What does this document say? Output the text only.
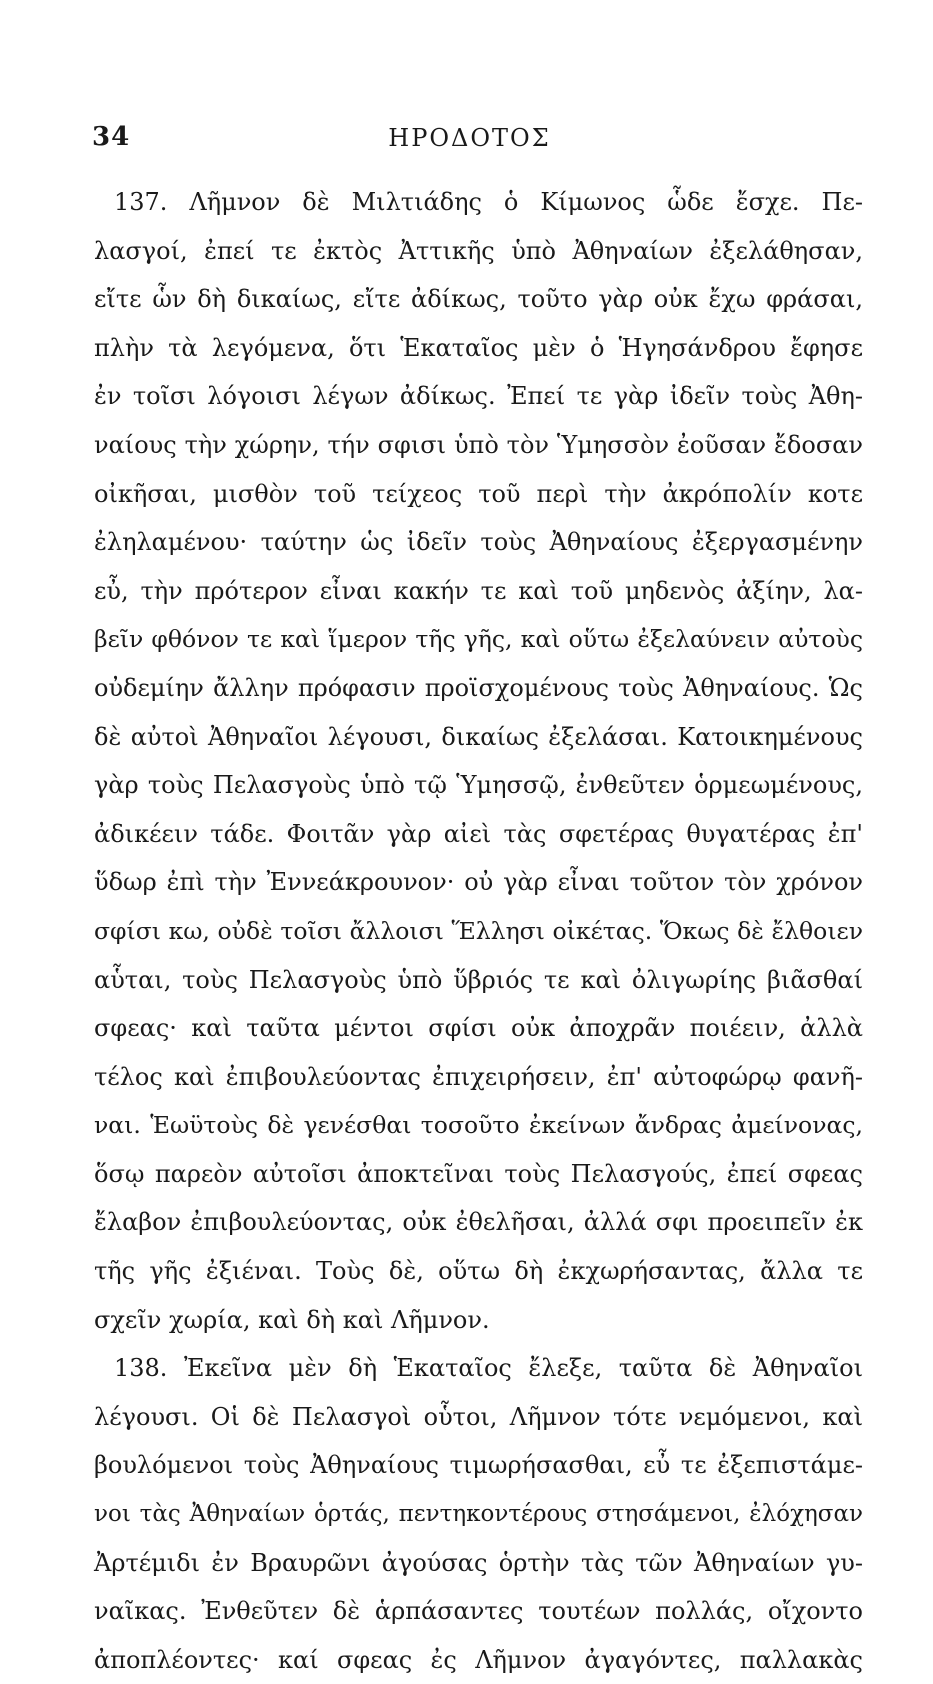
34	ΗΡΟΔΟΤΟΣ
137. Λῆμνον δὲ Μιλτιάδης ὁ Κίμωνος ὧδε ἔσχε. Πε-
λασγοί, ἐπεί τε ἐκτὸς Ἀττικῆς ὑπὸ Ἀθηναίων ἐξελάθησαν,
εἴτε ὧν δὴ δικαίως, εἴτε ἀδίκως, τοῦτο γὰρ οὐκ ἔχω φράσαι,
πλὴν τὰ λεγόμενα, ὅτι Ἑκαταῖος μὲν ὁ Ἡγησάνδρου ἔφησε
ἐν τοῖσι λόγοισι λέγων ἀδίκως. Ἐπεί τε γὰρ ἰδεῖν τοὺς Ἀθη-
ναίους τὴν χώρην, τήν σφισι ὑπὸ τὸν Ὑμησσὸν ἐοῦσαν ἔδοσαν
οἰκῆσαι, μισθὸν τοῦ τείχεος τοῦ περὶ τὴν ἀκρόπολίν κοτε
ἐληλαμένου· ταύτην ὡς ἰδεῖν τοὺς Ἀθηναίους ἐξεργασμένην
εὖ, τὴν πρότερον εἶναι κακήν τε καὶ τοῦ μηδενὸς ἀξίην, λα-
βεῖν φθόνον τε καὶ ἵμερον τῆς γῆς, καὶ οὕτω ἐξελαύνειν αὐτοὺς
οὐδεμίην ἄλλην πρόφασιν προϊσχομένους τοὺς Ἀθηναίους. Ὡς
δὲ αὐτοὶ Ἀθηναῖοι λέγουσι, δικαίως ἐξελάσαι. Κατοικημένους
γὰρ τοὺς Πελασγοὺς ὑπὸ τῷ Ὑμησσῷ, ἐνθεῦτεν ὁρμεωμένους,
ἀδικέειν τάδε. Φοιτᾶν γὰρ αἰεὶ τὰς σφετέρας θυγατέρας ἐπ'
ὕδωρ ἐπὶ τὴν Ἐννεάκρουνον· οὐ γὰρ εἶναι τοῦτον τὸν χρόνον
σφίσι κω, οὐδὲ τοῖσι ἄλλοισι Ἕλλησι οἰκέτας. Ὅκως δὲ ἔλθοιεν
αὗται, τοὺς Πελασγοὺς ὑπὸ ὕβριός τε καὶ ὀλιγωρίης βιᾶσθαί
σφεας· καὶ ταῦτα μέντοι σφίσι οὐκ ἀποχρᾶν ποιέειν, ἀλλὰ
τέλος καὶ ἐπιβουλεύοντας ἐπιχειρήσειν, ἐπ' αὐτοφώρῳ φανῆ-
ναι. Ἑωϋτοὺς δὲ γενέσθαι τοσοῦτο ἐκείνων ἄνδρας ἀμείνονας,
ὅσῳ παρεὸν αὐτοῖσι ἀποκτεῖναι τοὺς Πελασγούς, ἐπεί σφεας
ἔλαβον ἐπιβουλεύοντας, οὐκ ἐθελῆσαι, ἀλλά σφι προειπεῖν ἐκ
τῆς γῆς ἐξιέναι. Τοὺς δὲ, οὕτω δὴ ἐκχωρήσαντας, ἄλλα τε
σχεῖν χωρία, καὶ δὴ καὶ Λῆμνον.
138. Ἐκεῖνα μὲν δὴ Ἑκαταῖος ἔλεξε, ταῦτα δὲ Ἀθηναῖοι
λέγουσι. Οἱ δὲ Πελασγοὶ οὗτοι, Λῆμνον τότε νεμόμενοι, καὶ
βουλόμενοι τοὺς Ἀθηναίους τιμωρήσασθαι, εὖ τε ἐξεπιστάμε-
νοι τὰς Ἀθηναίων ὁρτάς, πεντηκοντέρους στησάμενοι, ἐλόχησαν
Ἀρτέμιδι ἐν Βραυρῶνι ἀγούσας ὁρτὴν τὰς τῶν Ἀθηναίων γυ-
ναῖκας. Ἐνθεῦτεν δὲ ἁρπάσαντες τουτέων πολλάς, οἴχοντο
ἀποπλέοντες· καί σφεας ἐς Λῆμνον ἀγαγόντες, παλλακὰς
